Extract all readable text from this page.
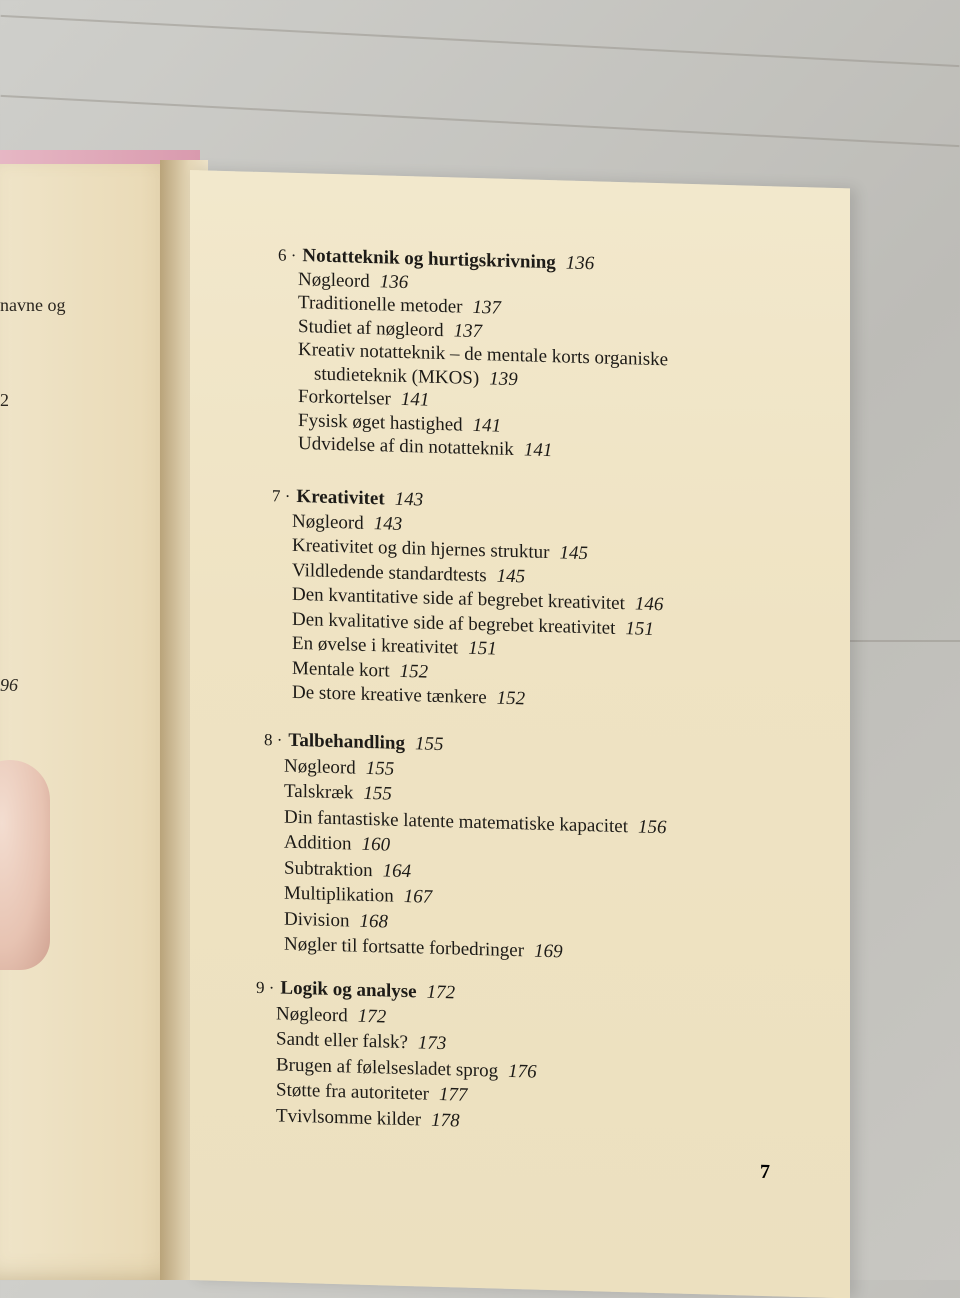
navne og
2
96
6 · Notatteknik og hurtigskrivning 136
Nøgleord 136
Traditionelle metoder 137
Studiet af nøgleord 137
Kreativ notatteknik – de mentale korts organiske
studieteknik (MKOS) 139
Forkortelser 141
Fysisk øget hastighed 141
Udvidelse af din notatteknik 141
7 · Kreativitet 143
Nøgleord 143
Kreativitet og din hjernes struktur 145
Vildledende standardtests 145
Den kvantitative side af begrebet kreativitet 146
Den kvalitative side af begrebet kreativitet 151
En øvelse i kreativitet 151
Mentale kort 152
De store kreative tænkere 152
8 · Talbehandling 155
Nøgleord 155
Talskræk 155
Din fantastiske latente matematiske kapacitet 156
Addition 160
Subtraktion 164
Multiplikation 167
Division 168
Nøgler til fortsatte forbedringer 169
9 · Logik og analyse 172
Nøgleord 172
Sandt eller falsk? 173
Brugen af følelsesladet sprog 176
Støtte fra autoriteter 177
Tvivlsomme kilder 178
7
